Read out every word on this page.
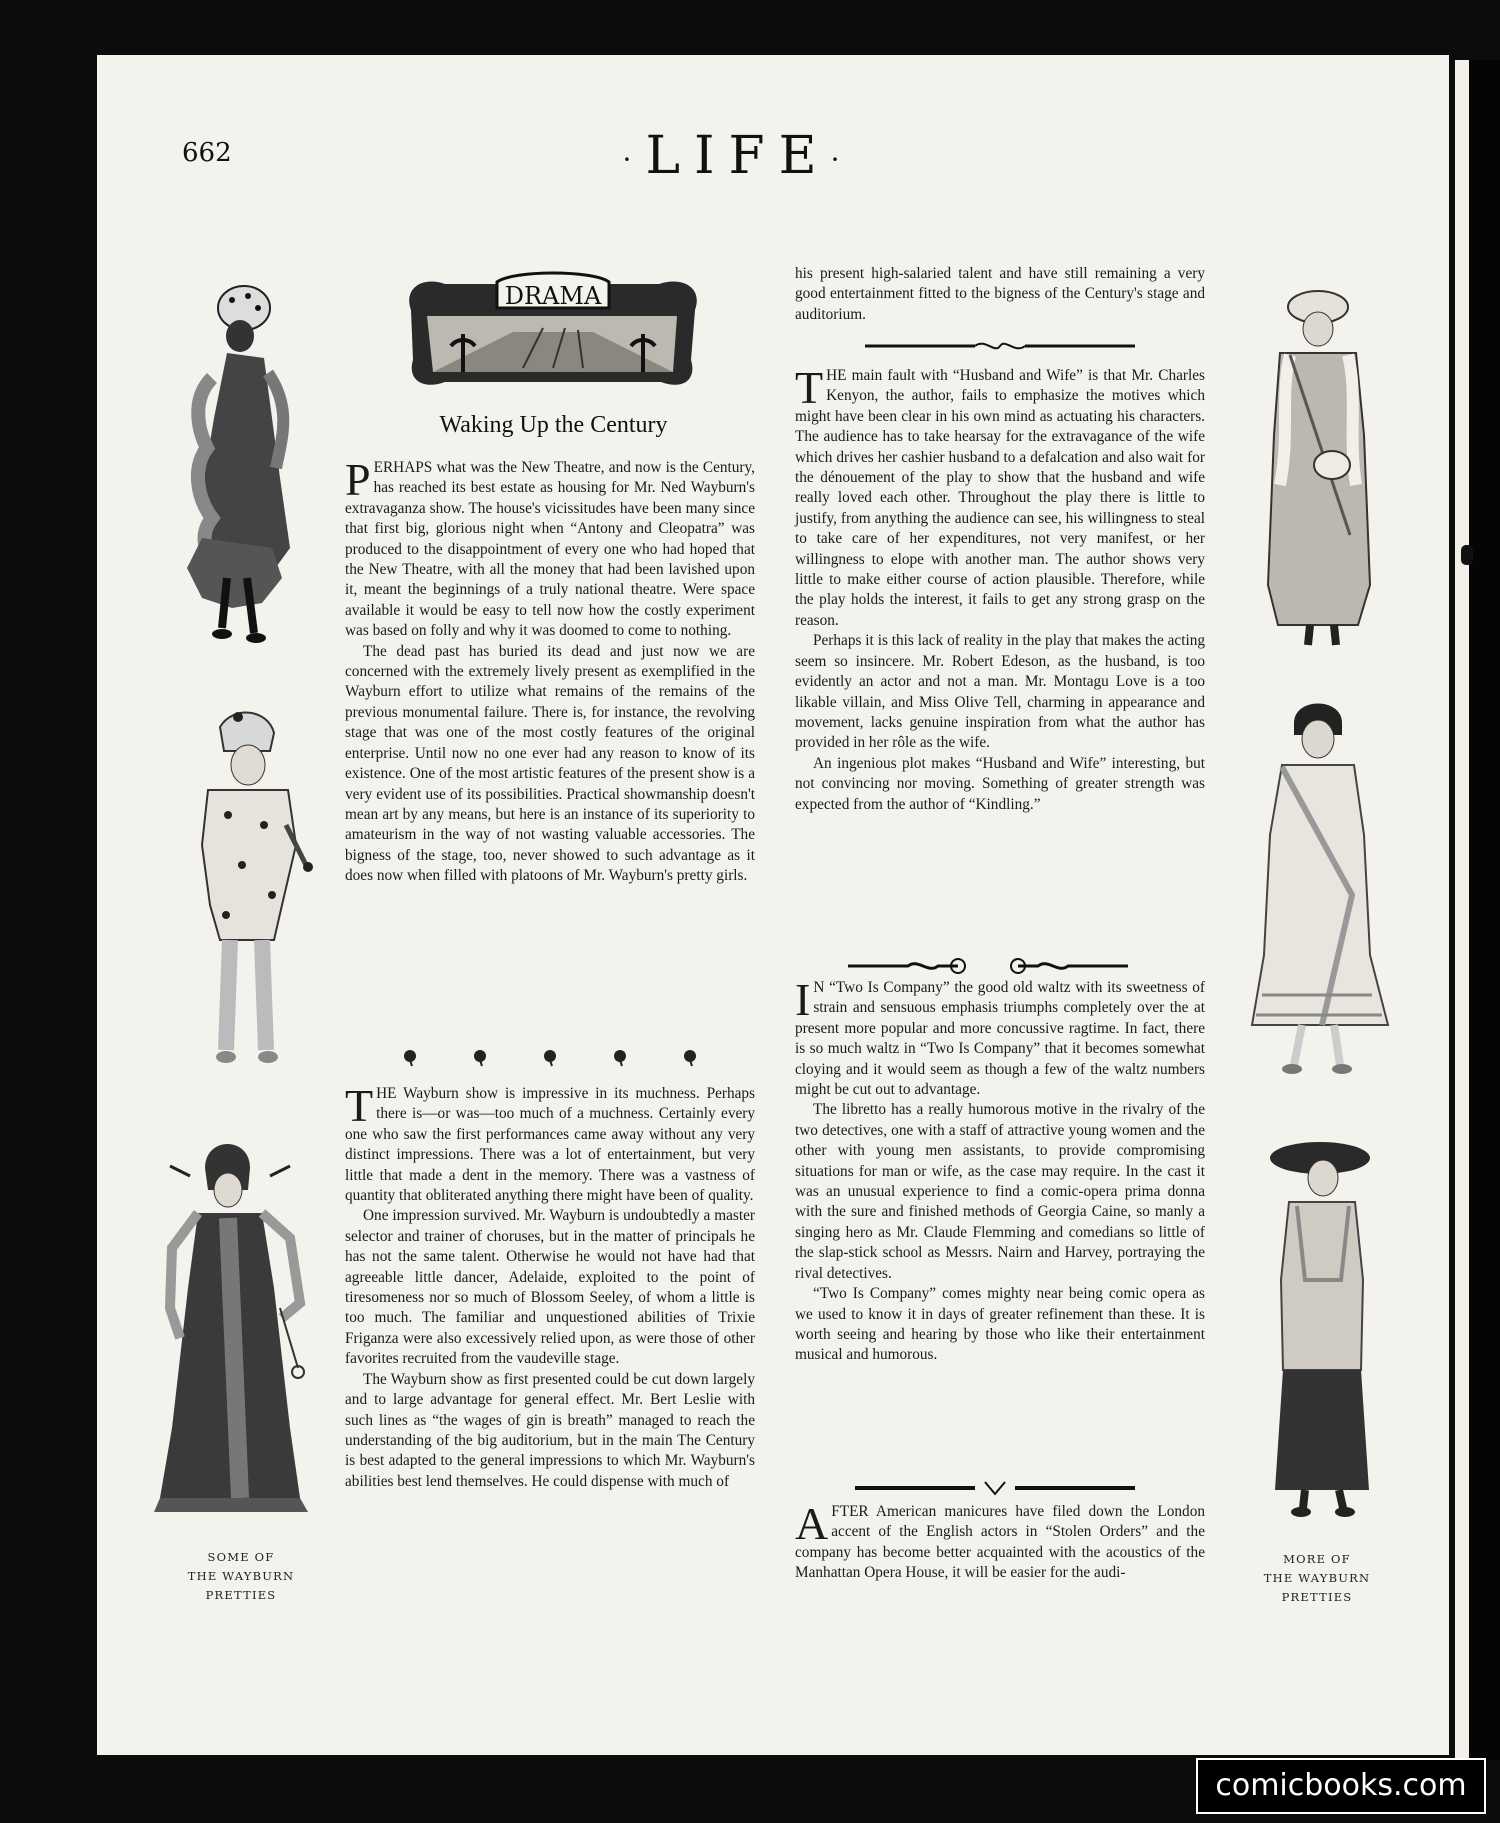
662	·LIFE·
SOME OF
THE WAYBURN
PRETTIES
MORE OF
THE WAYBURN
PRETTIES
DRAMA
Waking Up the Century

PERHAPS what was the New Theatre, and now is the Century, has reached its best estate as housing for Mr. Ned Wayburn's extravaganza show. The house's vicissitudes have been many since that first big, glorious night when “Antony and Cleopatra” was produced to the disappointment of every one who had hoped that the New Theatre, with all the money that had been lavished upon it, meant the beginnings of a truly national theatre. Were space available it would be easy to tell now how the costly experiment was based on folly and why it was doomed to come to nothing.

The dead past has buried its dead and just now we are concerned with the extremely lively present as exemplified in the Wayburn effort to utilize what remains of the remains of the previous monumental failure. There is, for instance, the revolving stage that was one of the most costly features of the original enterprise. Until now no one ever had any reason to know of its existence. One of the most artistic features of the present show is a very evident use of its possibilities. Practical showmanship doesn't mean art by any means, but here is an instance of its superiority to amateurism in the way of not wasting valuable accessories. The bigness of the stage, too, never showed to such advantage as it does now when filled with platoons of Mr. Wayburn's pretty girls.

THE Wayburn show is impressive in its muchness. Perhaps there is—or was—too much of a muchness. Certainly every one who saw the first performances came away without any very distinct impressions. There was a lot of entertainment, but very little that made a dent in the memory. There was a vastness of quantity that obliterated anything there might have been of quality.

One impression survived. Mr. Wayburn is undoubtedly a master selector and trainer of choruses, but in the matter of principals he has not the same talent. Otherwise he would not have had that agreeable little dancer, Adelaide, exploited to the point of tiresomeness nor so much of Blossom Seeley, of whom a little is too much. The familiar and unquestioned abilities of Trixie Friganza were also excessively relied upon, as were those of other favorites recruited from the vaudeville stage.

The Wayburn show as first presented could be cut down largely and to large advantage for general effect. Mr. Bert Leslie with such lines as “the wages of gin is breath” managed to reach the understanding of the big auditorium, but in the main The Century is best adapted to the general impressions to which Mr. Wayburn's abilities best lend themselves. He could dispense with much of

his present high-salaried talent and have still remaining a very good entertainment fitted to the bigness of the Century's stage and auditorium.

THE main fault with “Husband and Wife” is that Mr. Charles Kenyon, the author, fails to emphasize the motives which might have been clear in his own mind as actuating his characters. The audience has to take hearsay for the extravagance of the wife which drives her cashier husband to a defalcation and also wait for the dénouement of the play to show that the husband and wife really loved each other. Throughout the play there is little to justify, from anything the audience can see, his willingness to steal to take care of her expenditures, not very manifest, or her willingness to elope with another man. The author shows very little to make either course of action plausible. Therefore, while the play holds the interest, it fails to get any strong grasp on the reason.

Perhaps it is this lack of reality in the play that makes the acting seem so insincere. Mr. Robert Edeson, as the husband, is too evidently an actor and not a man. Mr. Montagu Love is a too likable villain, and Miss Olive Tell, charming in appearance and movement, lacks genuine inspiration from what the author has provided in her rôle as the wife.

An ingenious plot makes “Husband and Wife” interesting, but not convincing nor moving. Something of greater strength was expected from the author of “Kindling.”

IN “Two Is Company” the good old waltz with its sweetness of strain and sensuous emphasis triumphs completely over the at present more popular and more concussive ragtime. In fact, there is so much waltz in “Two Is Company” that it becomes somewhat cloying and it would seem as though a few of the waltz numbers might be cut out to advantage.

The libretto has a really humorous motive in the rivalry of the two detectives, one with a staff of attractive young women and the other with young men assistants, to provide compromising situations for man or wife, as the case may require. In the cast it was an unusual experience to find a comic-opera prima donna with the sure and finished methods of Georgia Caine, so manly a singing hero as Mr. Claude Flemming and comedians so little of the slap-stick school as Messrs. Nairn and Harvey, portraying the rival detectives.

“Two Is Company” comes mighty near being comic opera as we used to know it in days of greater refinement than these. It is worth seeing and hearing by those who like their entertainment musical and humorous.

AFTER American manicures have filed down the London accent of the English actors in “Stolen Orders” and the company has become better acquainted with the acoustics of the Manhattan Opera House, it will be easier for the audi-

comicbooks.com
